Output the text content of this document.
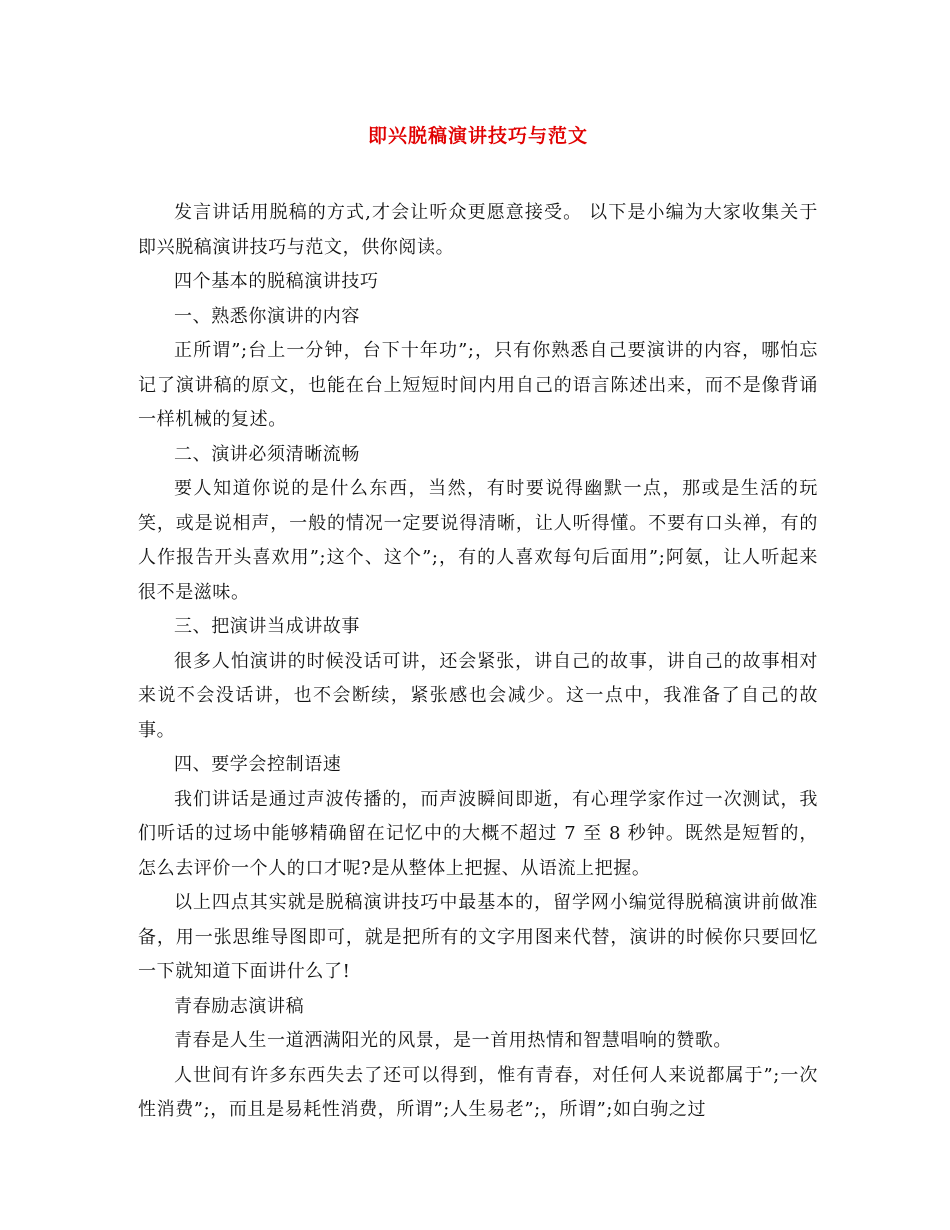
即兴脱稿演讲技巧与范文

发言讲话用脱稿的方式,才会让听众更愿意接受。 以下是小编为大家收集关于即兴脱稿演讲技巧与范文，供你阅读。

四个基本的脱稿演讲技巧

一、熟悉你演讲的内容

正所谓”;台上一分钟，台下十年功”;，只有你熟悉自己要演讲的内容，哪怕忘记了演讲稿的原文，也能在台上短短时间内用自己的语言陈述出来，而不是像背诵一样机械的复述。

二、演讲必须清晰流畅

要人知道你说的是什么东西，当然，有时要说得幽默一点，那或是生活的玩笑，或是说相声，一般的情况一定要说得清晰，让人听得懂。不要有口头禅，有的人作报告开头喜欢用”;这个、这个”;，有的人喜欢每句后面用”;阿氨，让人听起来很不是滋味。

三、把演讲当成讲故事

很多人怕演讲的时候没话可讲，还会紧张，讲自己的故事，讲自己的故事相对来说不会没话讲，也不会断续，紧张感也会减少。这一点中，我准备了自己的故事。

四、要学会控制语速

我们讲话是通过声波传播的，而声波瞬间即逝，有心理学家作过一次测试，我们听话的过场中能够精确留在记忆中的大概不超过 7 至 8 秒钟。既然是短暂的，怎么去评价一个人的口才呢?是从整体上把握、从语流上把握。

以上四点其实就是脱稿演讲技巧中最基本的，留学网小编觉得脱稿演讲前做准备，用一张思维导图即可，就是把所有的文字用图来代替，演讲的时候你只要回忆一下就知道下面讲什么了!

青春励志演讲稿

青春是人生一道洒满阳光的风景，是一首用热情和智慧唱响的赞歌。

人世间有许多东西失去了还可以得到，惟有青春，对任何人来说都属于”;一次性消费”;，而且是易耗性消费，所谓”;人生易老”;，所谓”;如白驹之过
